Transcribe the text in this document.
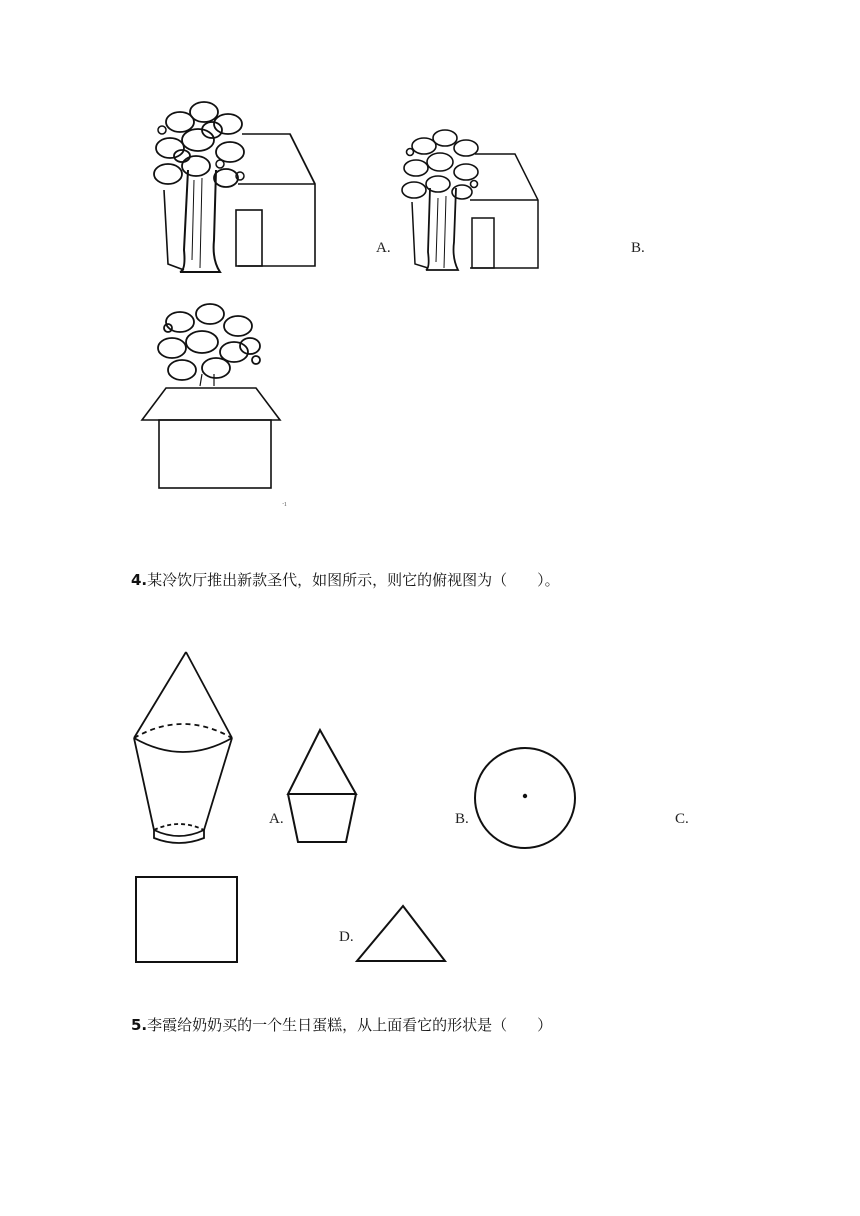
A.	B.
·ı
4.某冷饮厅推出新款圣代，如图所示，则它的俯视图为（　　）。
A.	B.	C.
D.
5.李霞给奶奶买的一个生日蛋糕，从上面看它的形状是（　　）
